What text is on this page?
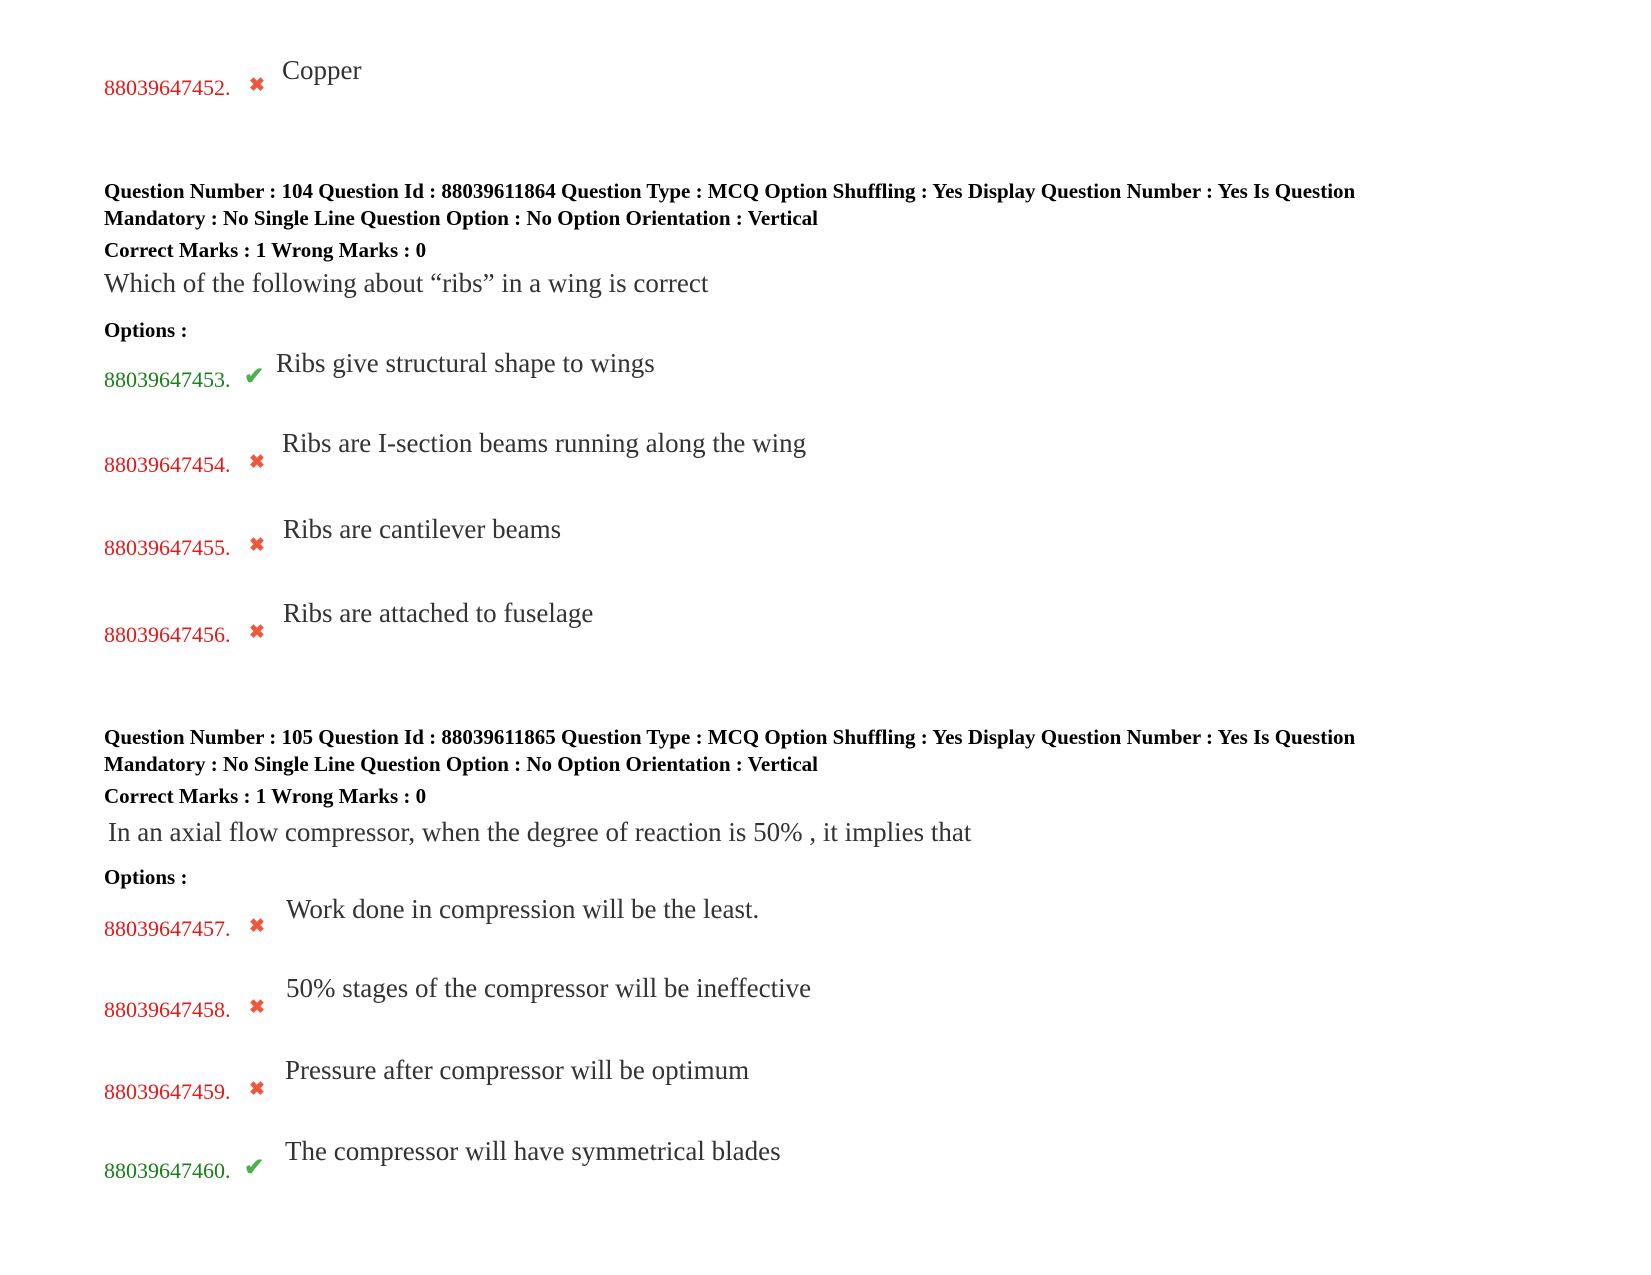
88039647452. ✖
Copper
Question Number : 104 Question Id : 88039611864 Question Type : MCQ Option Shuffling : Yes Display Question Number : Yes Is Question
Mandatory : No Single Line Question Option : No Option Orientation : Vertical
Correct Marks : 1 Wrong Marks : 0
Which of the following about “ribs” in a wing is correct
Options :
88039647453. ✔ Ribs give structural shape to wings
88039647454. ✖
Ribs are I-section beams running along the wing
88039647455. ✖
Ribs are cantilever beams
88039647456. ✖
Ribs are attached to fuselage
Question Number : 105 Question Id : 88039611865 Question Type : MCQ Option Shuffling : Yes Display Question Number : Yes Is Question
Mandatory : No Single Line Question Option : No Option Orientation : Vertical
Correct Marks : 1 Wrong Marks : 0
In an axial flow compressor, when the degree of reaction is 50% , it implies that
Options :
88039647457. ✖
Work done in compression will be the least.
88039647458. ✖
50% stages of the compressor will be ineffective
88039647459. ✖
Pressure after compressor will be optimum
88039647460. ✔
The compressor will have symmetrical blades
